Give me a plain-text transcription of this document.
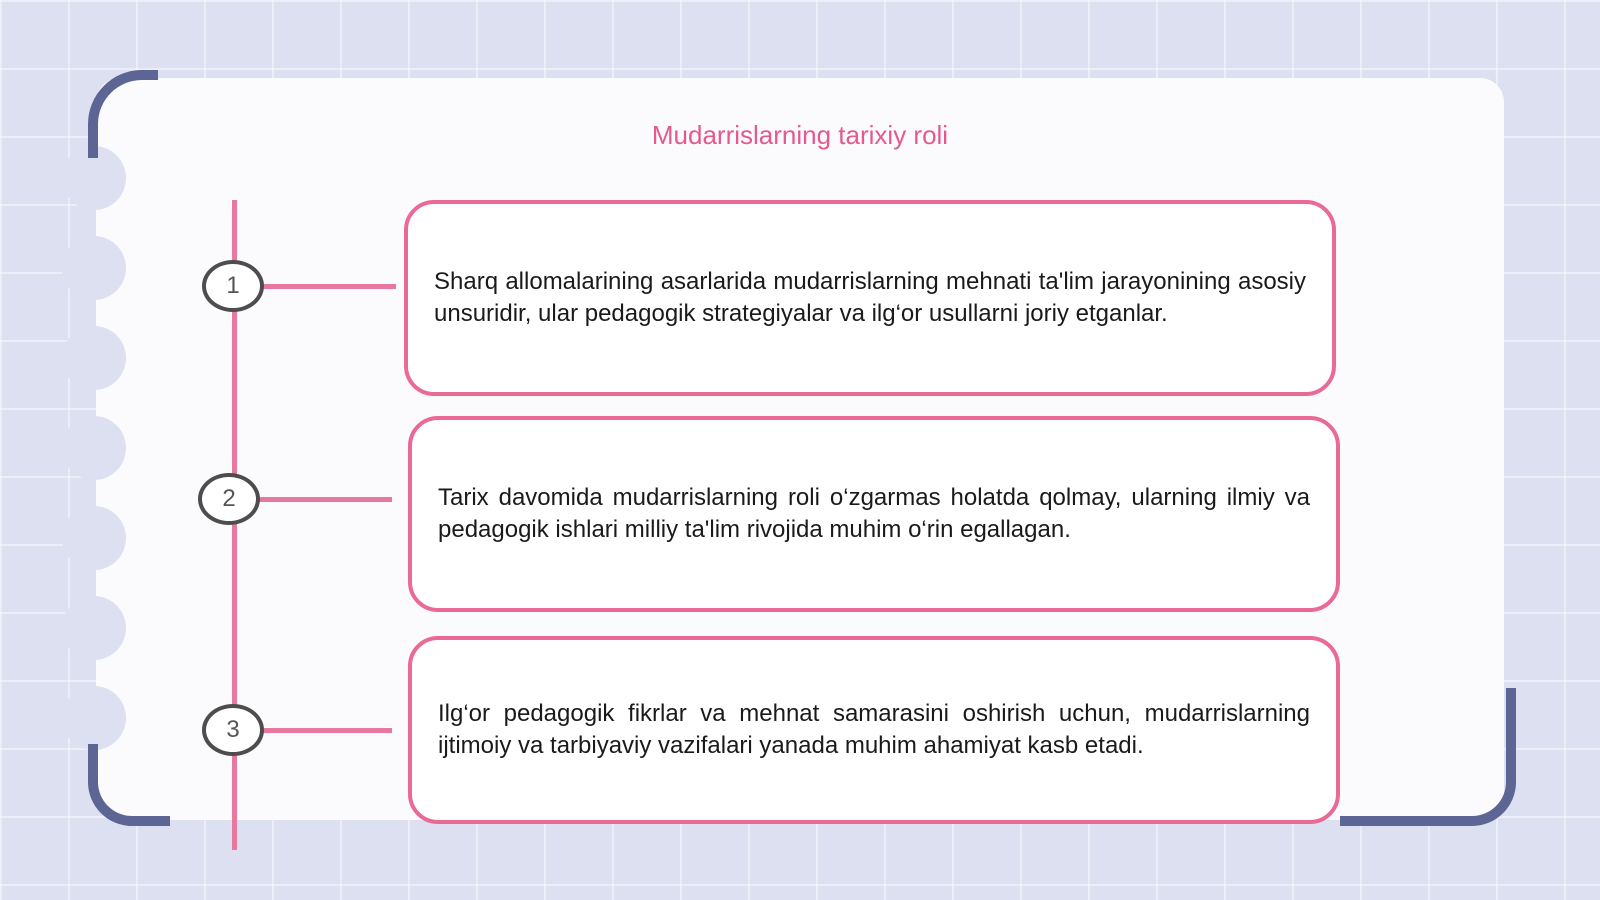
Mudarrislarning tarixiy roli
1
2
3
Sharq allomalarining asarlarida mudarrislarning mehnati ta'lim jarayonining asosiy unsuridir, ular pedagogik strategiyalar va ilg‘or usullarni joriy etganlar.
Tarix davomida mudarrislarning roli o‘zgarmas holatda qolmay, ularning ilmiy va pedagogik ishlari milliy ta'lim rivojida muhim o‘rin egallagan.
Ilg‘or pedagogik fikrlar va mehnat samarasini oshirish uchun, mudarrislarning ijtimoiy va tarbiyaviy vazifalari yanada muhim ahamiyat kasb etadi.
